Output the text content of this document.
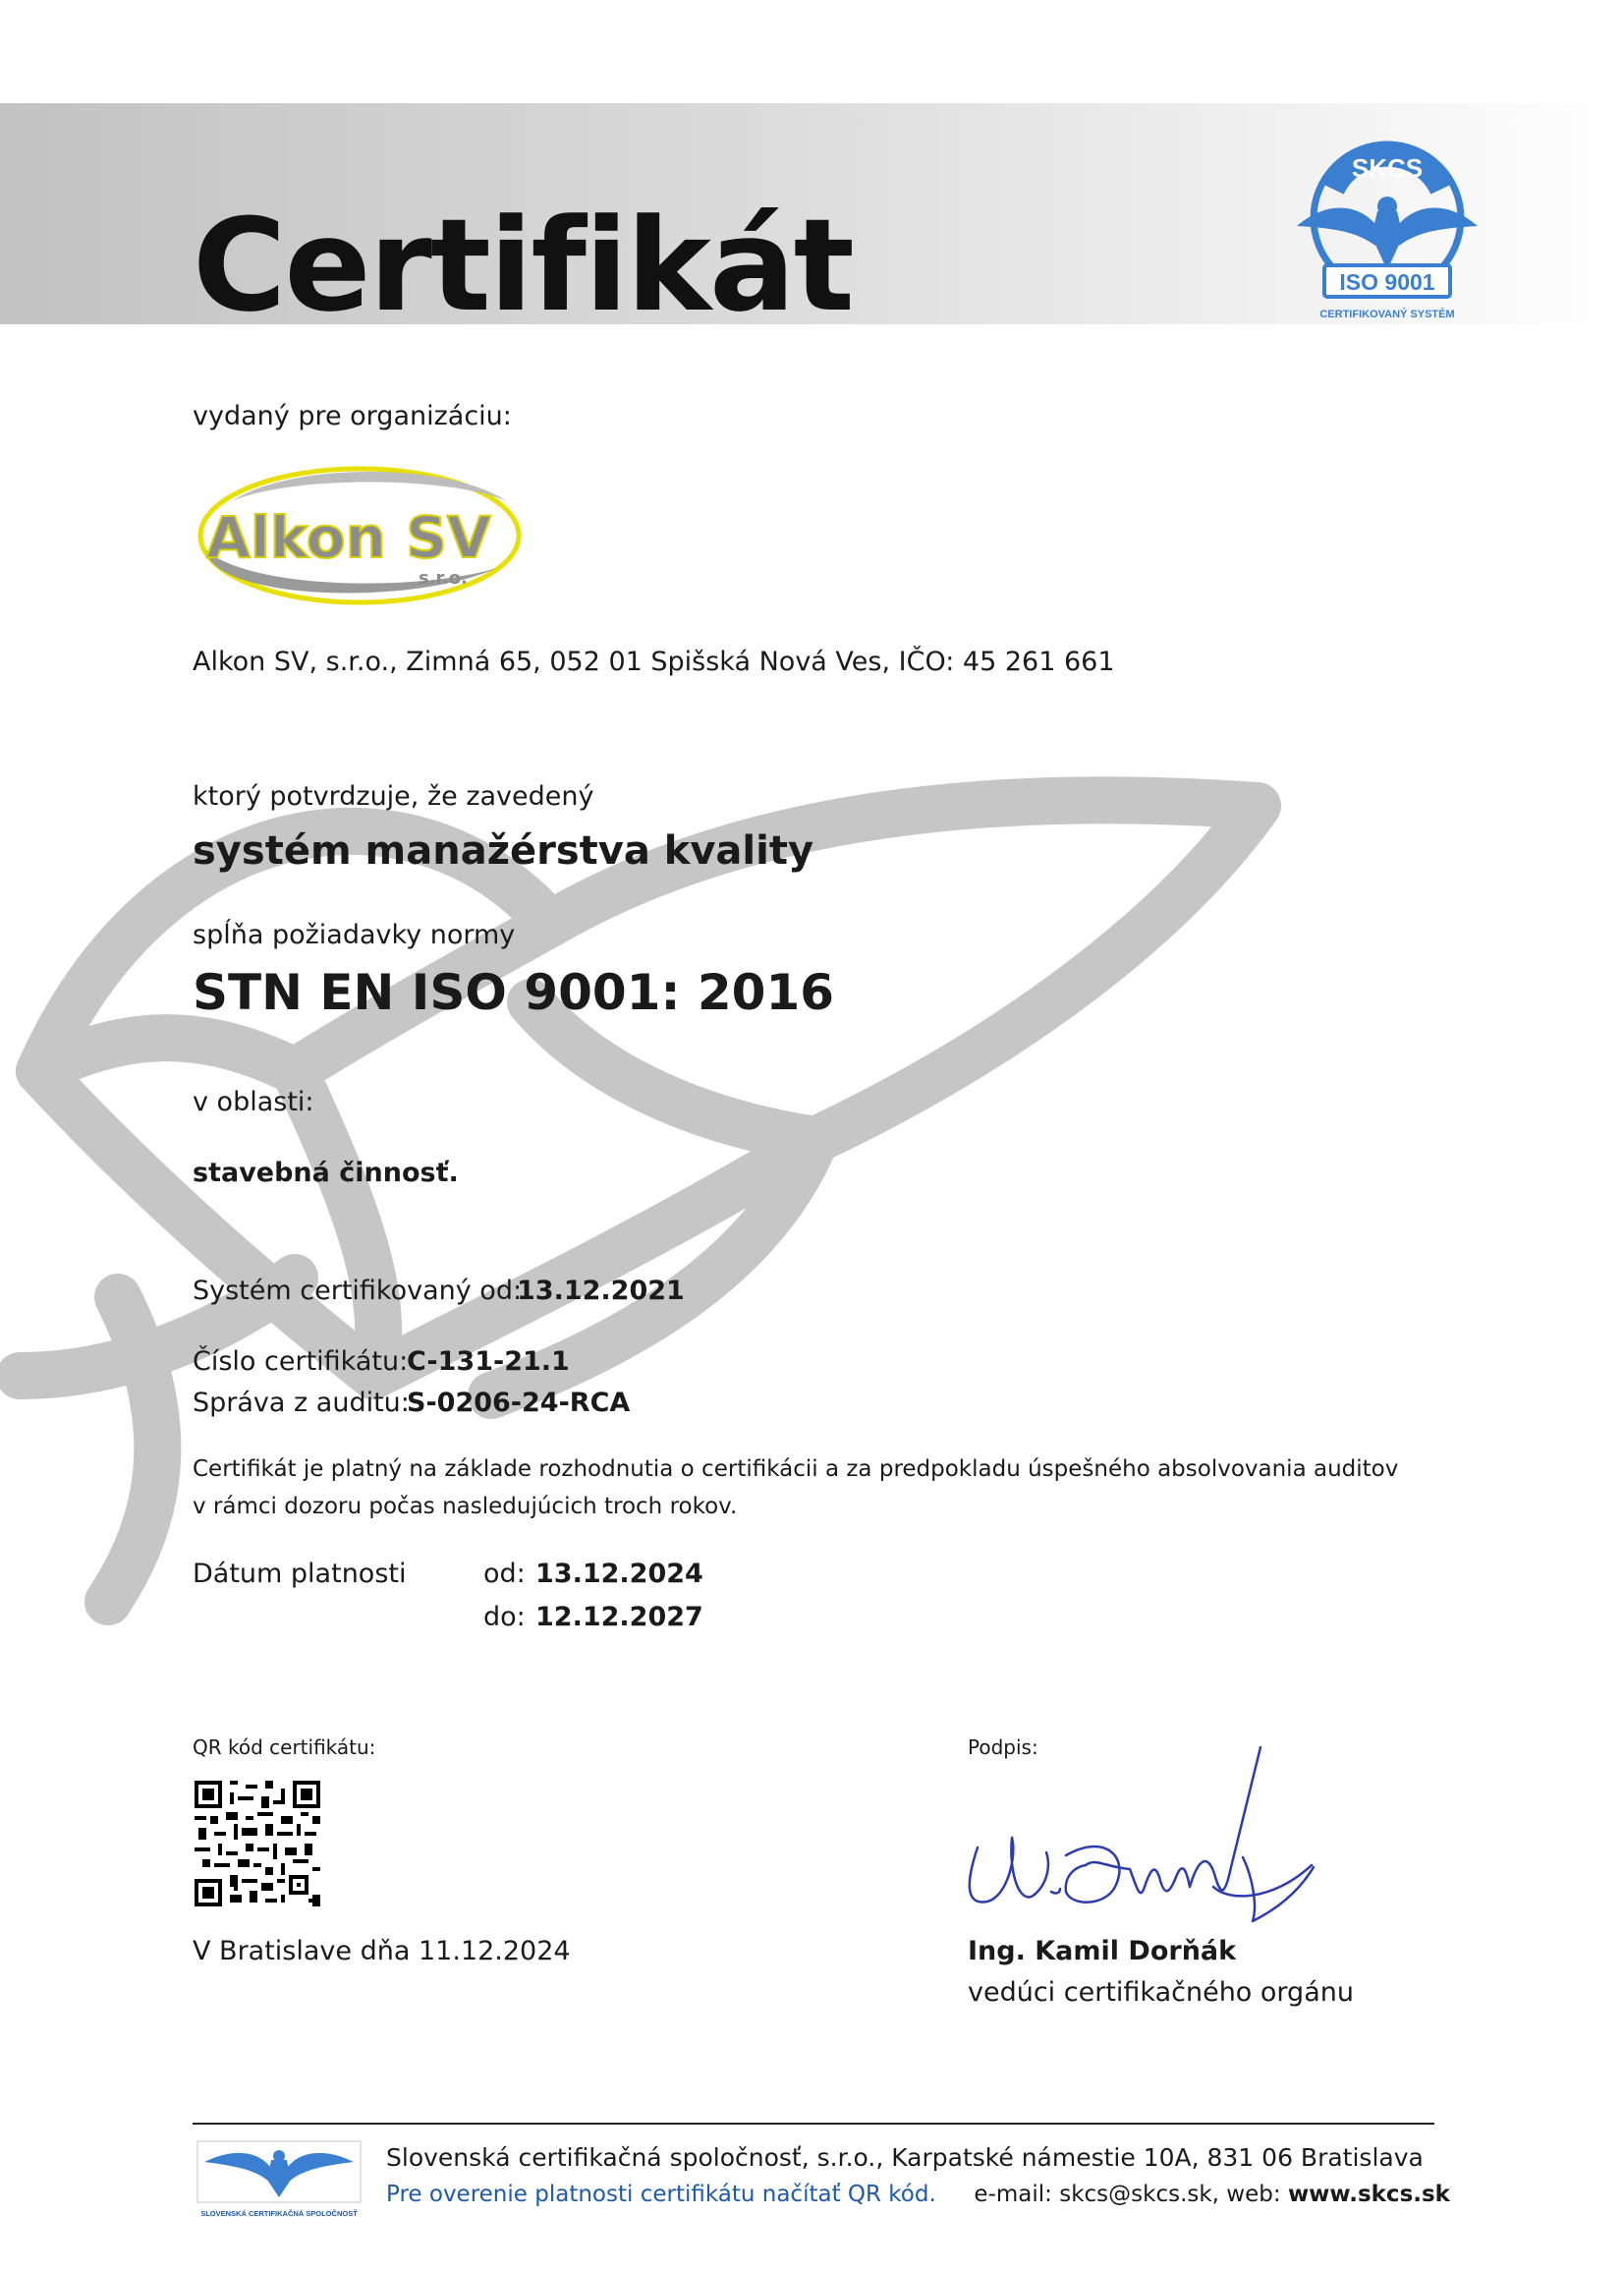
Certifikát
SKCS
ISO 9001
CERTIFIKOVANÝ SYSTÉM
vydaný pre organizáciu:
Alkon SV
s.r.o.
Alkon SV, s.r.o., Zimná 65, 052 01 Spišská Nová Ves, IČO: 45 261 661
ktorý potvrdzuje, že zavedený
systém manažérstva kvality
spĺňa požiadavky normy
STN EN ISO 9001: 2016
v oblasti:
stavebná činnosť.
Systém certifikovaný od:
13.12.2021
Číslo certifikátu:
C-131-21.1
Správa z auditu:
S-0206-24-RCA
Certifikát je platný na základe rozhodnutia o certifikácii a za predpokladu úspešného absolvovania auditov
v rámci dozoru počas nasledujúcich troch rokov.
Dátum platnosti	od: 13.12.2024
do: 12.12.2027
QR kód certifikátu:
V Bratislave dňa 11.12.2024
Podpis:
Ing. Kamil Dorňák
vedúci certifikačného orgánu
SLOVENSKÁ CERTIFIKAČNÁ SPOLOČNOSŤ
Slovenská certifikačná spoločnosť, s.r.o., Karpatské námestie 10A, 831 06 Bratislava
Pre overenie platnosti certifikátu načítať QR kód. e-mail: skcs@skcs.sk, web: www.skcs.sk
